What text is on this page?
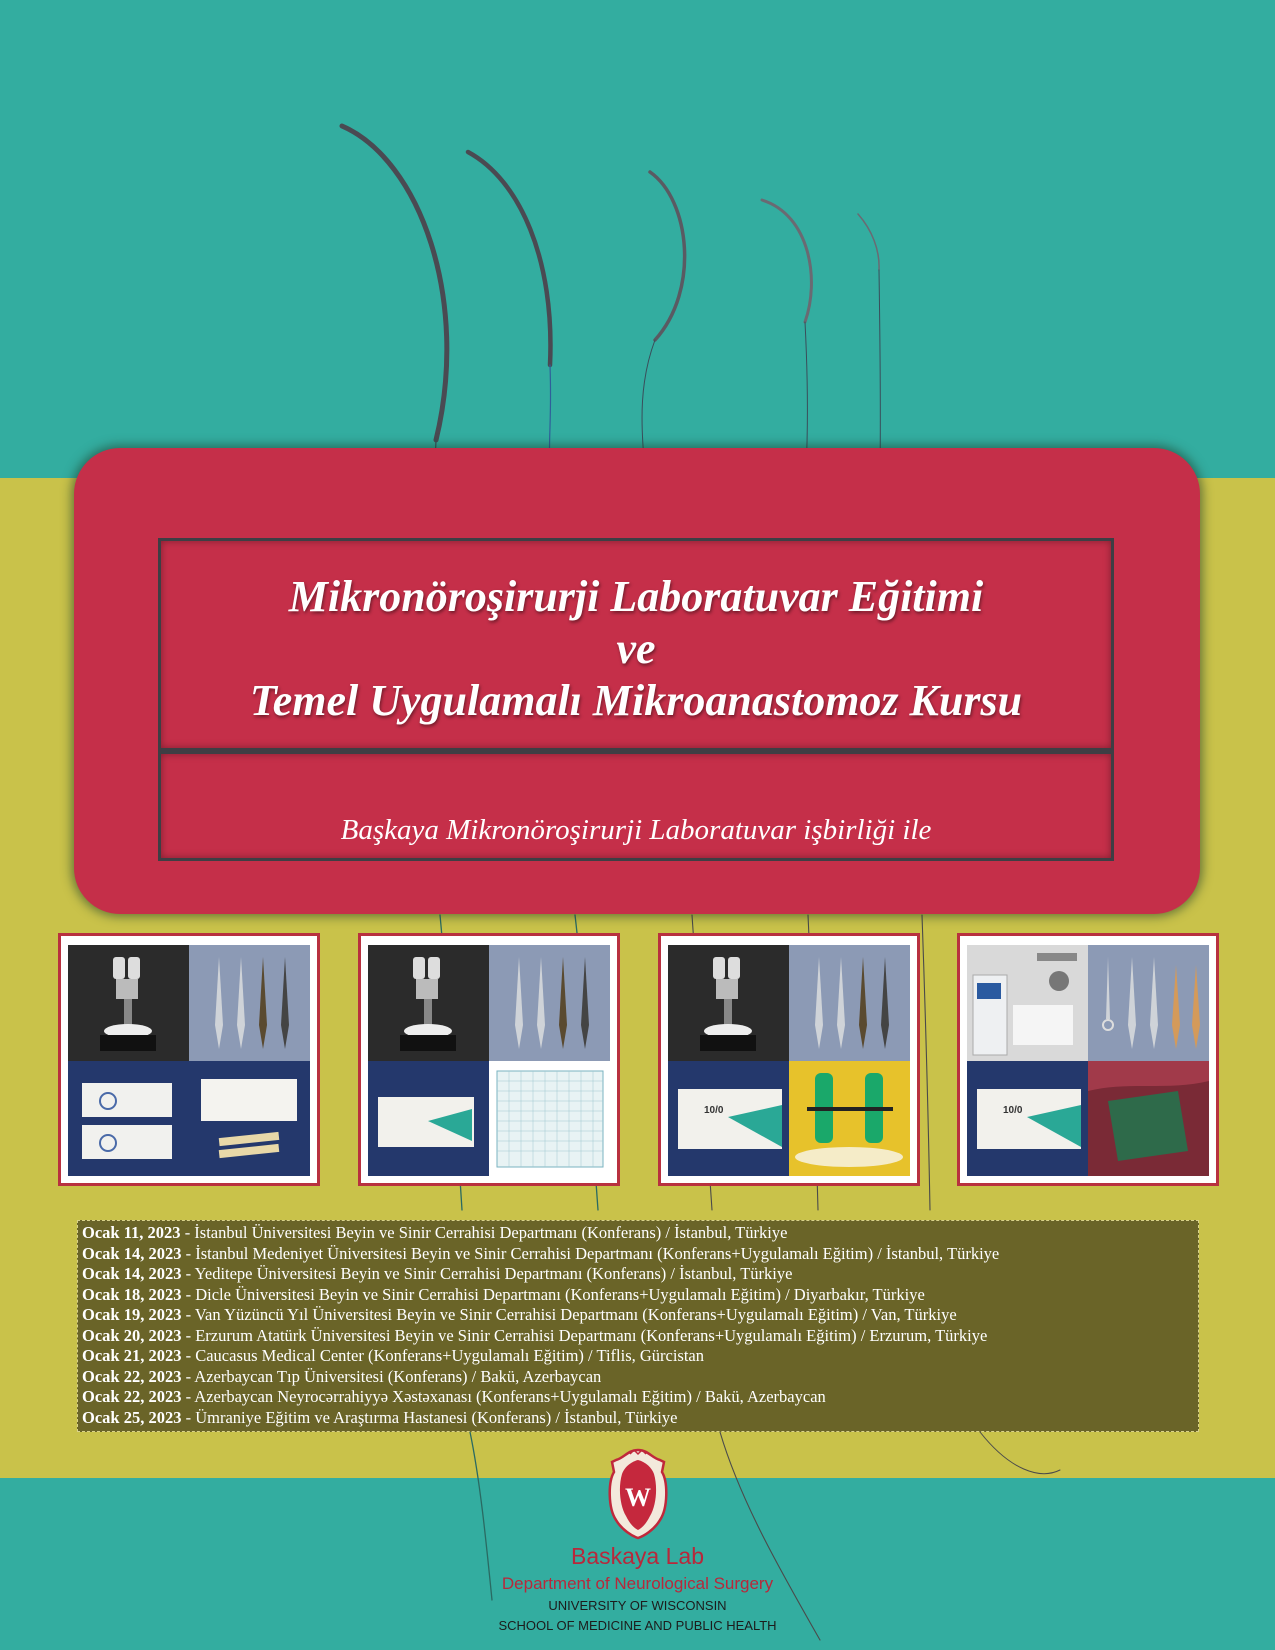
Mikronöroşirurji Laboratuvar Eğitimi
ve
Temel Uygulamalı Mikroanastomoz Kursu
Başkaya Mikronöroşirurji Laboratuvar işbirliği ile
10/0	10/0
Ocak 11, 2023 - İstanbul Üniversitesi Beyin ve Sinir Cerrahisi Departmanı (Konferans) / İstanbul, Türkiye
Ocak 14, 2023 - İstanbul Medeniyet Üniversitesi Beyin ve Sinir Cerrahisi Departmanı (Konferans+Uygulamalı Eğitim) / İstanbul, Türkiye
Ocak 14, 2023 - Yeditepe Üniversitesi Beyin ve Sinir Cerrahisi Departmanı (Konferans) / İstanbul, Türkiye
Ocak 18, 2023 - Dicle Üniversitesi Beyin ve Sinir Cerrahisi Departmanı (Konferans+Uygulamalı Eğitim) / Diyarbakır, Türkiye
Ocak 19, 2023 - Van Yüzüncü Yıl Üniversitesi Beyin ve Sinir Cerrahisi Departmanı (Konferans+Uygulamalı Eğitim) / Van, Türkiye
Ocak 20, 2023 - Erzurum Atatürk Üniversitesi Beyin ve Sinir Cerrahisi Departmanı (Konferans+Uygulamalı Eğitim) / Erzurum, Türkiye
Ocak 21, 2023 - Caucasus Medical Center (Konferans+Uygulamalı Eğitim) / Tiflis, Gürcistan
Ocak 22, 2023 - Azerbaycan Tıp Üniversitesi (Konferans) / Bakü, Azerbaycan
Ocak 22, 2023 - Azerbaycan Neyrocərrahiyyə Xəstəxanası (Konferans+Uygulamalı Eğitim) / Bakü, Azerbaycan
Ocak 25, 2023 - Ümraniye Eğitim ve Araştırma Hastanesi (Konferans) / İstanbul, Türkiye
W
Baskaya Lab
Department of Neurological Surgery
UNIVERSITY OF WISCONSIN
SCHOOL OF MEDICINE AND PUBLIC HEALTH
